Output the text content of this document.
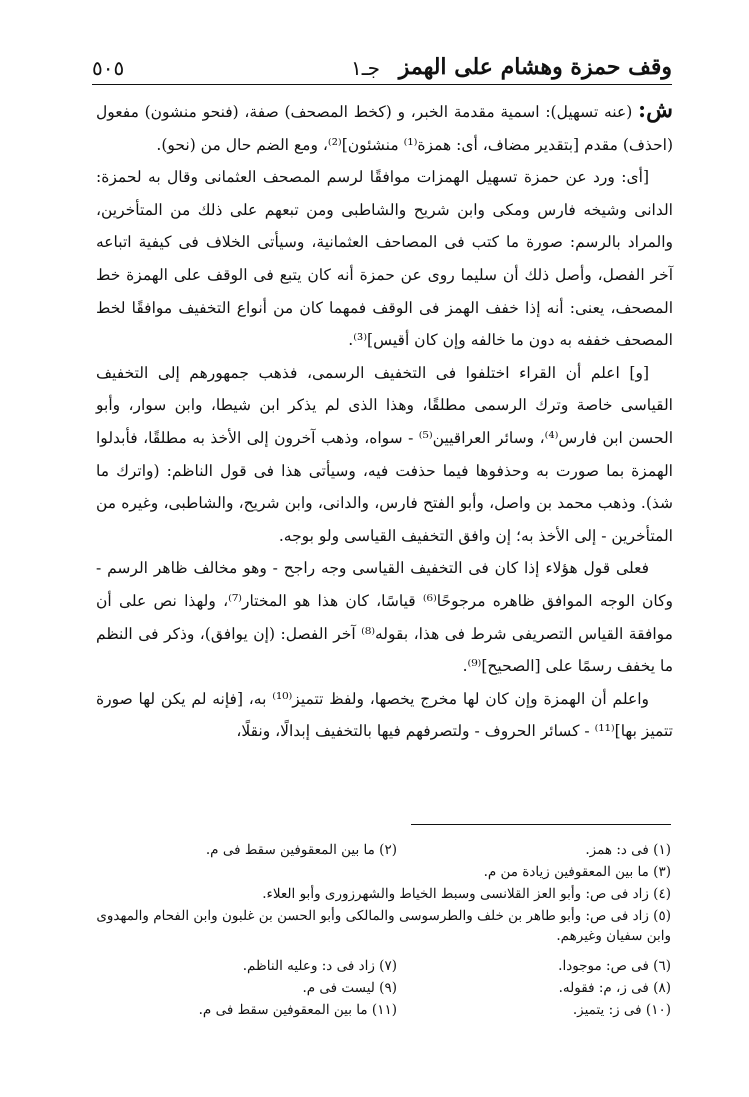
وقف حمزة وهشام على الهمز
جـ١
٥٠٥

ش: (عنه تسهيل): اسمية مقدمة الخبر، و (كخط المصحف) صفة، (فنحو منشون) مفعول (احذف) مقدم [بتقدير مضاف، أى: همزة⁽¹⁾ منشئون]⁽²⁾، ومع الضم حال من (نحو).

[أى: ورد عن حمزة تسهيل الهمزات موافقًا لرسم المصحف العثمانى وقال به لحمزة: الدانى وشيخه فارس ومكى وابن شريح والشاطبى ومن تبعهم على ذلك من المتأخرين، والمراد بالرسم: صورة ما كتب فى المصاحف العثمانية، وسيأتى الخلاف فى كيفية اتباعه آخر الفصل، وأصل ذلك أن سليما روى عن حمزة أنه كان يتبع فى الوقف على الهمزة خط المصحف، يعنى: أنه إذا خفف الهمز فى الوقف فمهما كان من أنواع التخفيف موافقًا لخط المصحف خففه به دون ما خالفه وإن كان أقيس]⁽³⁾.

[و] اعلم أن القراء اختلفوا فى التخفيف الرسمى، فذهب جمهورهم إلى التخفيف القياسى خاصة وترك الرسمى مطلقًا، وهذا الذى لم يذكر ابن شيطا، وابن سوار، وأبو الحسن ابن فارس⁽⁴⁾، وسائر العراقيين⁽⁵⁾ - سواه، وذهب آخرون إلى الأخذ به مطلقًا، فأبدلوا الهمزة بما صورت به وحذفوها فيما حذفت فيه، وسيأتى هذا فى قول الناظم: (واترك ما شذ). وذهب محمد بن واصل، وأبو الفتح فارس، والدانى، وابن شريح، والشاطبى، وغيره من المتأخرين - إلى الأخذ به؛ إن وافق التخفيف القياسى ولو بوجه.

فعلى قول هؤلاء إذا كان فى التخفيف القياسى وجه راجح - وهو مخالف ظاهر الرسم - وكان الوجه الموافق ظاهره مرجوحًا⁽⁶⁾ قياسًا، كان هذا هو المختار⁽⁷⁾، ولهذا نص على أن موافقة القياس التصريفى شرط فى هذا، بقوله⁽⁸⁾ آخر الفصل: (إن يوافق)، وذكر فى النظم ما يخفف رسمًا على [الصحيح]⁽⁹⁾.

واعلم أن الهمزة وإن كان لها مخرج يخصها، ولفظ تتميز⁽¹⁰⁾ به، [فإنه لم يكن لها صورة تتميز بها]⁽¹¹⁾ - كسائر الحروف - ولتصرفهم فيها بالتخفيف إبدالًا، ونقلًا،

(١) فى د: همز.
(٢) ما بين المعقوفين سقط فى م.
(٣) ما بين المعقوفين زيادة من م.
(٤) زاد فى ص: وأبو العز القلانسى وسبط الخياط والشهرزورى وأبو العلاء.
(٥) زاد فى ص: وأبو طاهر بن خلف والطرسوسى والمالكى وأبو الحسن بن غلبون وابن الفحام والمهدوى وابن سفيان وغيرهم.
(٦) فى ص: موجودا.
(٧) زاد فى د: وعليه الناظم.
(٨) فى ز، م: فقوله.
(٩) ليست فى م.
(١٠) فى ز: يتميز.
(١١) ما بين المعقوفين سقط فى م.
